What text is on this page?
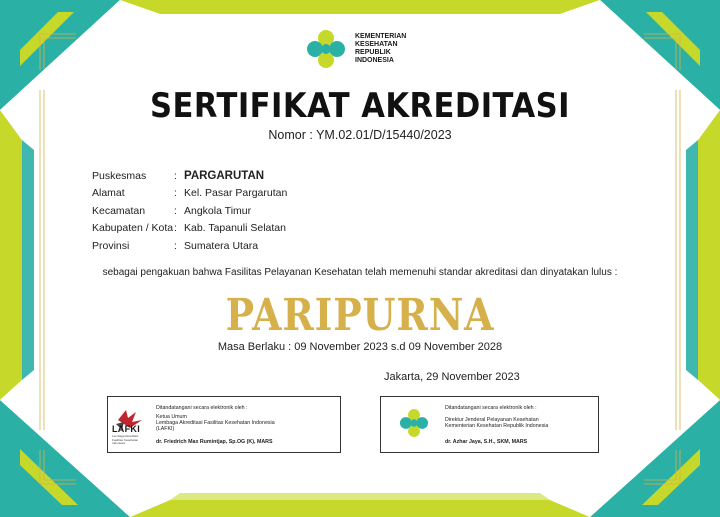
KEMENTERIAN
KESEHATAN
REPUBLIK
INDONESIA
SERTIFIKAT AKREDITASI
Nomor : YM.02.01/D/15440/2023
Puskesmas	: PARGARUTAN
Alamat	: Kel. Pasar Pargarutan
Kecamatan	: Angkola Timur
Kabupaten / Kota : Kab. Tapanuli Selatan
Provinsi	: Sumatera Utara
sebagai pengakuan bahwa Fasilitas Pelayanan Kesehatan telah memenuhi standar akreditasi dan dinyatakan lulus :
PARIPURNA
Masa Berlaku : 09 November 2023 s.d 09 November 2028
Jakarta, 29 November 2023
LAFKI
Lembaga Akreditasi Fasilitas Kesehatan Indonesia
Ditandatangani secara elektronik oleh :
Ketua Umum
Lembaga Akreditasi Fasilitas Kesehatan Indonesia
(LAFKI)
dr. Friedrich Max Rumintjap, Sp.OG (K), MARS
Ditandatangani secara elektronik oleh :
Direktur Jenderal Pelayanan Kesehatan
Kementerian Kesehatan Republik Indonesia
dr. Azhar Jaya, S.H., SKM, MARS
